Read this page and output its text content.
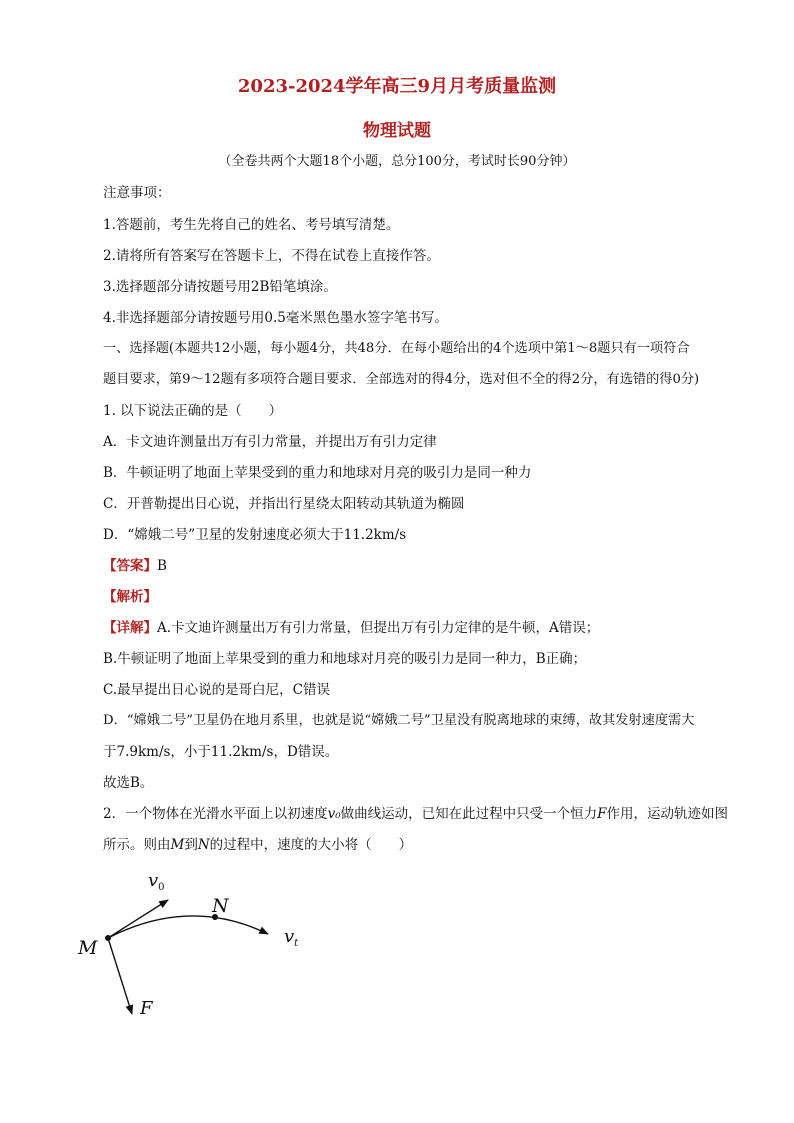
2023-2024学年高三9月月考质量监测
物理试题
（全卷共两个大题18个小题，总分100分，考试时长90分钟）
注意事项：
1.答题前，考生先将自己的姓名、考号填写清楚。
2.请将所有答案写在答题卡上，不得在试卷上直接作答。
3.选择题部分请按题号用2B铅笔填涂。
4.非选择题部分请按题号用0.5毫米黑色墨水签字笔书写。
一、选择题(本题共12小题，每小题4分，共48分．在每小题给出的4个选项中第1～8题只有一项符合
题目要求，第9～12题有多项符合题目要求．全部选对的得4分，选对但不全的得2分，有选错的得0分)
1. 以下说法正确的是（　　）
A．卡文迪许测量出万有引力常量，并提出万有引力定律
B．牛顿证明了地面上苹果受到的重力和地球对月亮的吸引力是同一种力
C．开普勒提出日心说，并指出行星绕太阳转动其轨道为椭圆
D．“嫦娥二号”卫星的发射速度必须大于11.2km/s
【答案】B
【解析】
【详解】A.卡文迪许测量出万有引力常量，但提出万有引力定律的是牛顿，A错误；
B.牛顿证明了地面上苹果受到的重力和地球对月亮的吸引力是同一种力，B正确；
C.最早提出日心说的是哥白尼，C错误
D．“嫦娥二号”卫星仍在地月系里，也就是说“嫦娥二号”卫星没有脱离地球的束缚，故其发射速度需大
于7.9km/s，小于11.2km/s，D错误。
故选B。
2．一个物体在光滑水平面上以初速度v₀做曲线运动，已知在此过程中只受一个恒力F作用，运动轨迹如图
所示。则由M到N的过程中，速度的大小将（　　）
$v_0$
N
M
$v_t$
F
